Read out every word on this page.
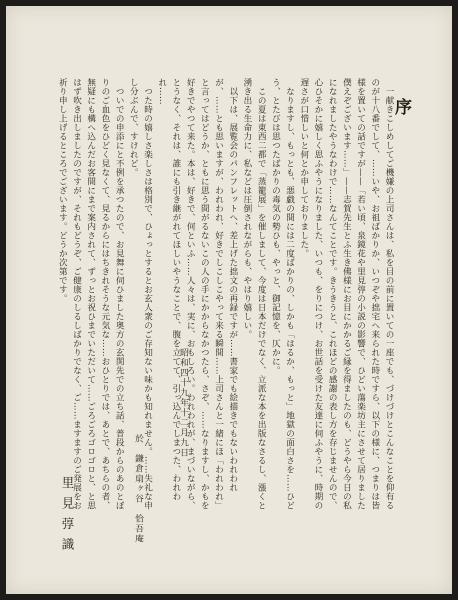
序

一献きこしめしてご機嫌の上司さんは、私を目の前に置いての一座でも、づけづけとこんなことを仰有るのが十八番でして、……いや、お祖ばかりか、いつぞや拙宅へ来られた時ですら、以下の様に、つまりは皆様を置いての話ですが——「若い頃、泉鏡花や里見弴の小説の影響で、ひどい蕩楽坊主にさせて居りました僕えぞございます……」——志賀先生とふ生き佛様にお目にかかるご縁を得ましたのも、どうやら今日の私になれましたやうなわけで……なんてことです。きうきうと、これほどの感謝の表し方を存じませんので、心ひそかに嬉しく思ふやうになりました、いつも、をりにつけ、お世話を受けた友達に伺ふやうに、時期の遅さが口惜しいと何とか申しておりました。

なりますし、もっとも、悪戯の間には二度ばかりの、しかも「はるか、もっと」地獄の面白さを……ひどう、とたびは思つたばかりの毒気の勢ひも、やっと、御記憶を、仄かに。

この夏は東西二都で「蒸籠展」を催しまして、今度は日本だけでなく、立派な本を出版なさるし、漲くと湧き出る生命力に、私などは圧倒されながらも、やはり嬉しい。

以下は、展覧会のパンフレットへ、差上げた拙文の再録ですが……書家でも絵描きでもないわれわれが、……とも思いますが、われわれ、好きでしこしこやって来る瞬間……上司さんと一緒にほ「われわれ」と言ってはどうか、ともに思う間がるないこの人の手にかからなかつたら、さぞ、……なりますし、かもを好きでやつて来た。本は、好きで、何といふ……人々は、実に、おもしろい。われわれが、まづいながら、とうなく、それは、誰にも引き継がれてほしいやうなことで、腹を立てて、引っ込んでしまつた、われわれ……

つた時の嬉しさ楽しさは格別で、ひょっとするとお玄人衆のご存知ない味かも知れません。……失礼な申し分ぶんで、すけれど。

ついでの申添にと不例を承つたので、お見舞に伺ひました奥方の玄関先での立ち話、普段からのあのとぼりのご血色をひどく見なくて、見るからにはちきれそうな元気な……おひとりでは、あとで、あちらの者、無疑にも構へ込んだお客間にまで案内されて、ずっとお祝ひまでいただいて……ごろごろゴロゴロと、と思はず吹き出しましたのですが、それもどうぞ、ご健康のしるしばかりでなく、ご……ますますのご発展をお祈り申し上げるところでございます。どうか次第です。

昭和四十九年十二月九日
於　鎌倉扇ヶ谷　恰吾庵
里見弴識
